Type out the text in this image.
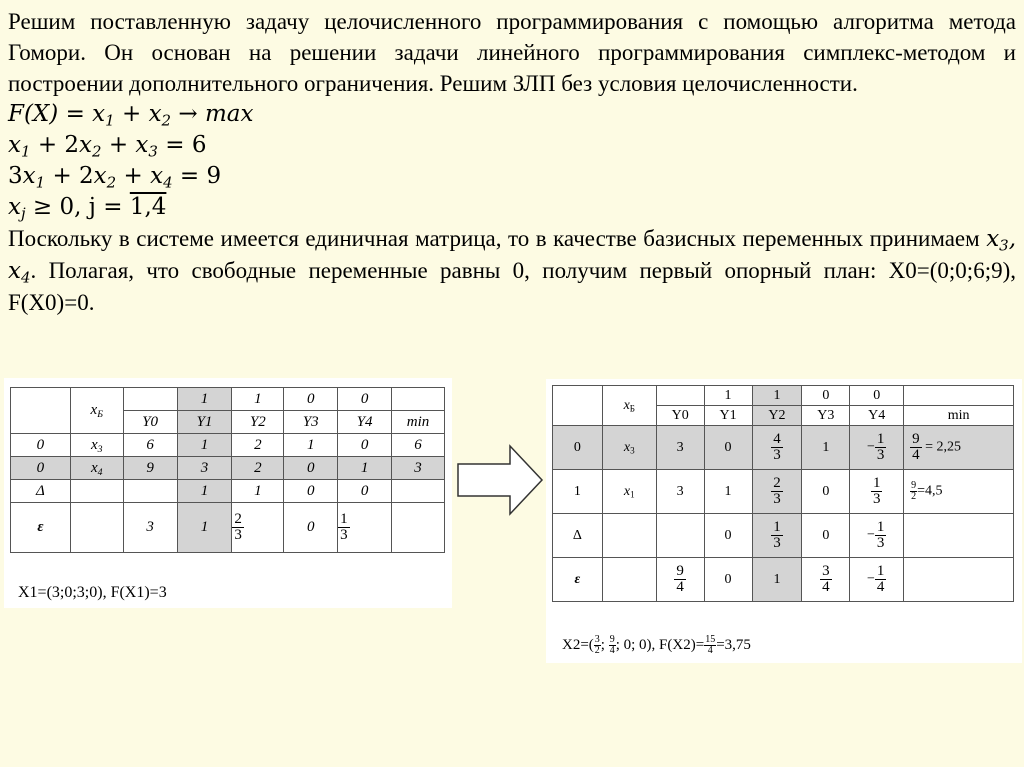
Решим поставленную задачу целочисленного программирования с помощью алгоритма метода Гомори. Он основан на решении задачи линейного программирования симплекс-методом и построении дополнительного ограничения. Решим ЗЛП без условия целочисленности.

$F(X) = x_1 + x_2 \to \max$
$x_1 + 2x_2 + x_3 = 6$
$3x_1 + 2x_2 + x_4 = 9$
$x_j \ge 0$, j = 1,4

Поскольку в системе имеется единичная матрица, то в качестве базисных переменных принимаем $x_3$, $x_4$. Полагая, что свободные переменные равны 0, получим первый опорный план: X0=(0;0;6;9), F(X0)=0.

	$x_Б$		1	1	0	0	
		Y0	Y1	Y2	Y3	Y4	min
0	$x_3$	6	1	2	1	0	6
0	$x_4$	9	3	2	0	1	3
Δ			1	1	0	0	
ε		3	1	$\frac{2}{3}$	0	$\frac{1}{3}$

X1=(3;0;3;0), F(X1)=3
	$x_Б$		1	1	0	0	
		Y0	Y1	Y2	Y3	Y4	min
0	$x_3$	3	0	$\frac{4}{3}$	1	− $\frac{1}{3}$	$\frac{9}{4} = 2,25$
1	$x_1$	3	1	$\frac{2}{3}$	0	$\frac{1}{3}$	$\frac{9}{2} =4,5$
Δ			0	$\frac{1}{3}$	0	− $\frac{1}{3}$

ε		$\frac{9}{4}$	0	1	$\frac{3}{4}$	− $\frac{1}{4}$

$X2=( \frac{3}{2}$ ; $\frac{9}{4}$ ; 0; 0), $F(X2)= \frac{15}{4} =3,75$
